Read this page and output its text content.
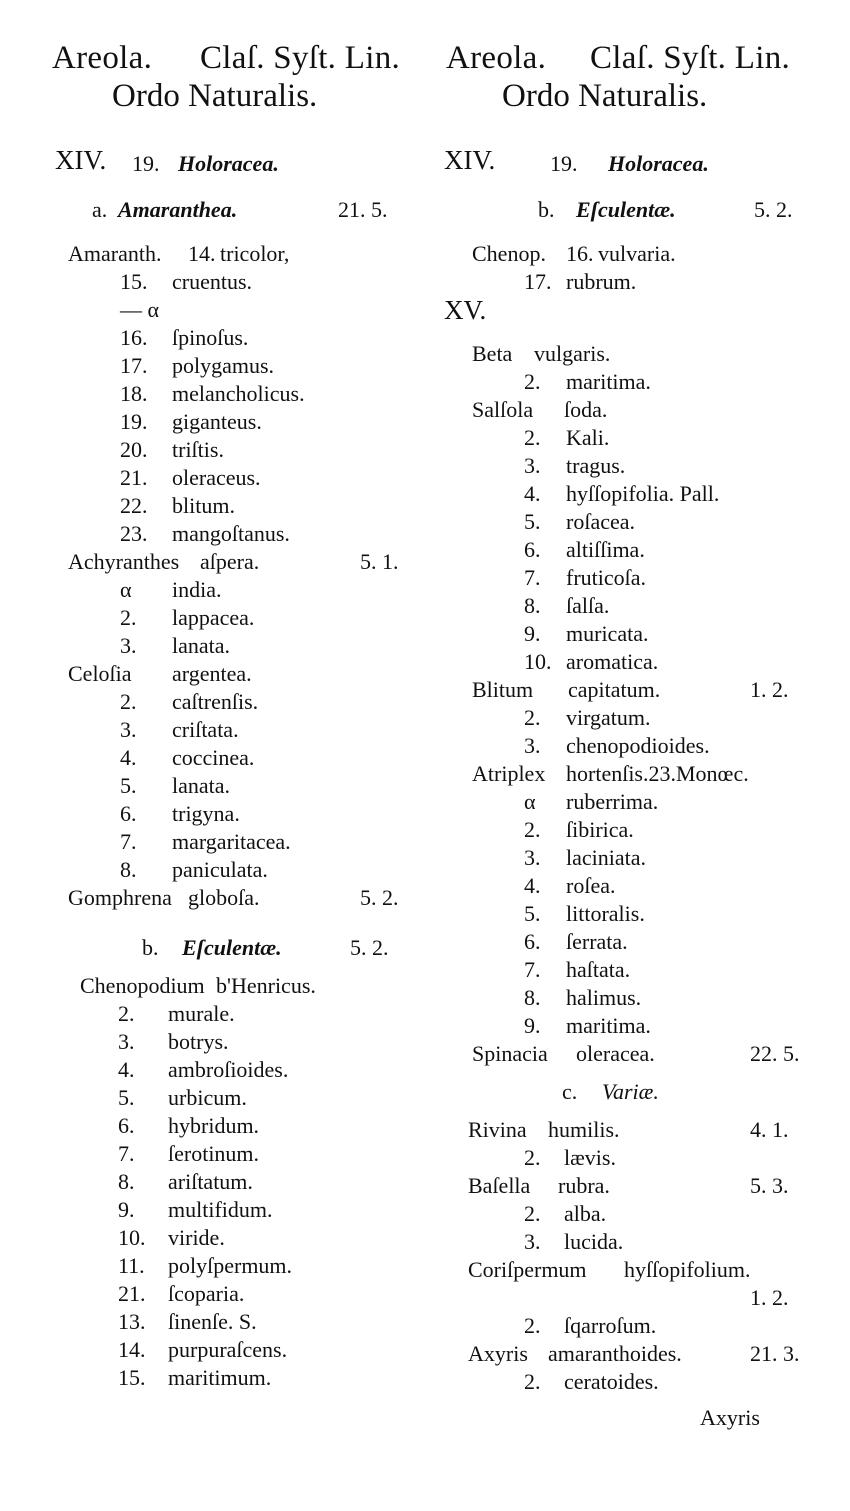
Areola. Claſ. Syſt. Lin.
Ordo Naturalis.
XIV. 19. Holoracea.
a. Amaranthea.	21. 5.
Amaranth. 14. tricolor,
15. cruentus.
— α
16. ſpinoſus.
17. polygamus.
18. melancholicus.
19. giganteus.
20. triſtis.
21. oleraceus.
22. blitum.
23. mangoſtanus.
Achyranthes aſpera.	5. 1.
α india.
2. lappacea.
3. lanata.
Celoſia argentea.
2. caſtrenſis.
3. criſtata.
4. coccinea.
5. lanata.
6. trigyna.
7. margaritacea.
8. paniculata.
Gomphrena globoſa.	5. 2.
b. Eſculentæ.	5. 2.
Chenopodium b'Henricus.
2. murale.
3. botrys.
4. ambroſioides.
5. urbicum.
6. hybridum.
7. ſerotinum.
8. ariſtatum.
9. multifidum.
10. viride.
11. polyſpermum.
21. ſcoparia.
13. ſinenſe. S.
14. purpuraſcens.
15. maritimum.
Areola. Claſ. Syſt. Lin.
Ordo Naturalis.
XIV. 19. Holoracea.
b. Eſculentæ.	5. 2.
Chenop. 16. vulvaria.
17. rubrum.
XV.
Beta vulgaris.
2. maritima.
Salſola ſoda.
2. Kali.
3. tragus.
4. hyſſopifolia. Pall.
5. roſacea.
6. altiſſima.
7. fruticoſa.
8. ſalſa.
9. muricata.
10. aromatica.
Blitum capitatum.	1. 2.
2. virgatum.
3. chenopodioides.
Atriplex hortenſis.23.Monœc.
α ruberrima.
2. ſibirica.
3. laciniata.
4. roſea.
5. littoralis.
6. ſerrata.
7. haſtata.
8. halimus.
9. maritima.
Spinacia oleracea.	22. 5.
c. Variæ.
Rivina humilis.	4. 1.
2. lævis.
Baſella rubra.	5. 3.
2. alba.
3. lucida.
Coriſpermum hyſſopifolium.
1. 2.
2. ſqarroſum.
Axyris amaranthoides.	21. 3.
2. ceratoides.
Axyris
